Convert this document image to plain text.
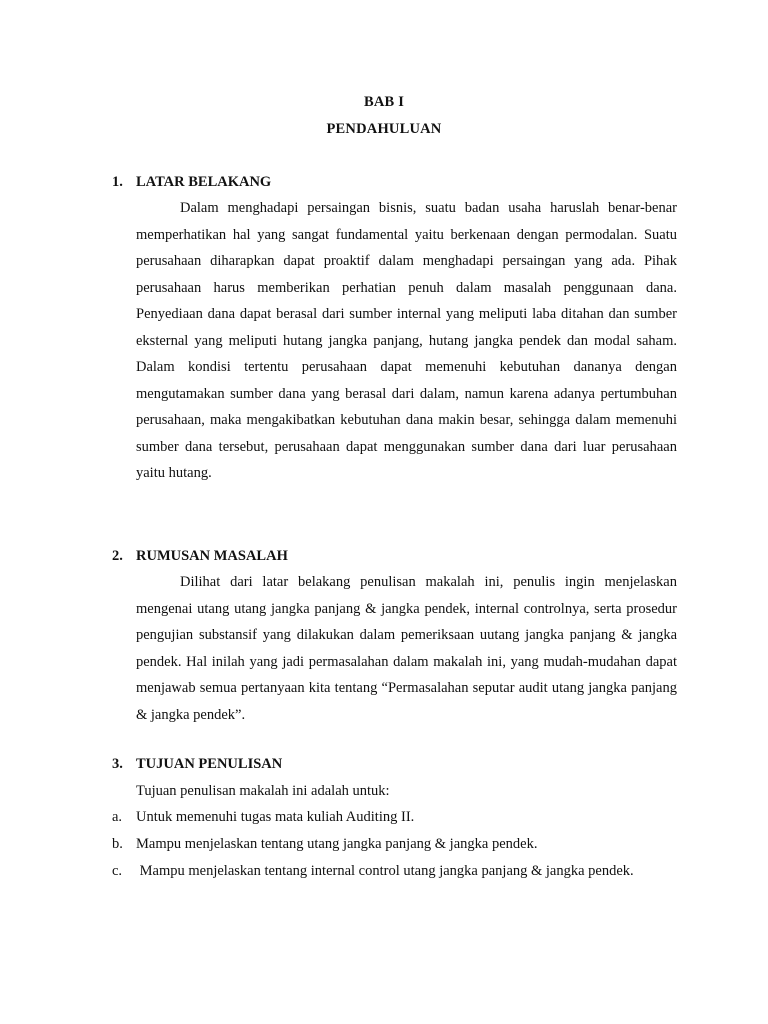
BAB I
PENDAHULUAN
1. LATAR BELAKANG

Dalam menghadapi persaingan bisnis, suatu badan usaha haruslah benar-benar memperhatikan hal yang sangat fundamental yaitu berkenaan dengan permodalan. Suatu perusahaan diharapkan dapat proaktif dalam menghadapi persaingan yang ada. Pihak perusahaan harus memberikan perhatian penuh dalam masalah penggunaan dana. Penyediaan dana dapat berasal dari sumber internal yang meliputi laba ditahan dan sumber eksternal yang meliputi hutang jangka panjang, hutang jangka pendek dan modal saham. Dalam kondisi tertentu perusahaan dapat memenuhi kebutuhan dananya dengan mengutamakan sumber dana yang berasal dari dalam, namun karena adanya pertumbuhan perusahaan, maka mengakibatkan kebutuhan dana makin besar, sehingga dalam memenuhi sumber dana tersebut, perusahaan dapat menggunakan sumber dana dari luar perusahaan yaitu hutang.

2. RUMUSAN MASALAH

Dilihat dari latar belakang penulisan makalah ini, penulis ingin menjelaskan mengenai utang utang jangka panjang & jangka pendek, internal controlnya, serta prosedur pengujian substansif yang dilakukan dalam pemeriksaan uutang jangka panjang & jangka pendek. Hal inilah yang jadi permasalahan dalam makalah ini, yang mudah-mudahan dapat menjawab semua pertanyaan kita tentang “Permasalahan seputar audit utang jangka panjang & jangka pendek”.

3. TUJUAN PENULISAN
Tujuan penulisan makalah ini adalah untuk:
a. Untuk memenuhi tugas mata kuliah Auditing II.
b. Mampu menjelaskan tentang utang jangka panjang & jangka pendek.
c. Mampu menjelaskan tentang internal control utang jangka panjang & jangka pendek.
